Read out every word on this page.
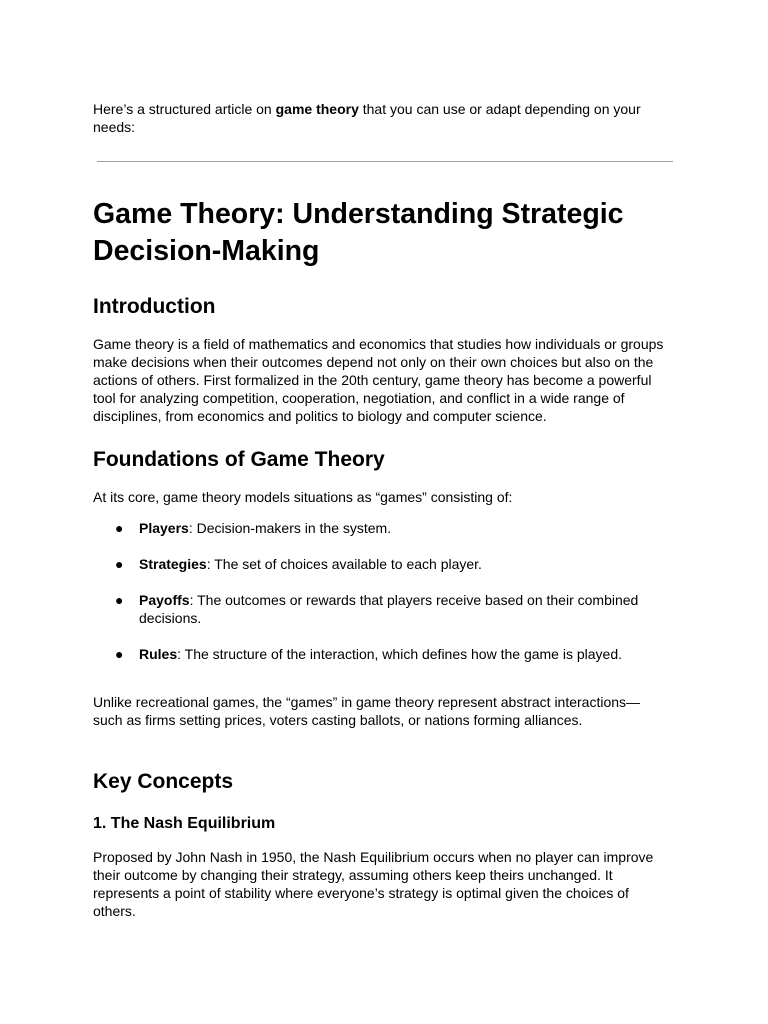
Here’s a structured article on game theory that you can use or adapt depending on your needs:

Game Theory: Understanding Strategic Decision-Making
Introduction

Game theory is a field of mathematics and economics that studies how individuals or groups make decisions when their outcomes depend not only on their own choices but also on the actions of others. First formalized in the 20th century, game theory has become a powerful tool for analyzing competition, cooperation, negotiation, and conflict in a wide range of disciplines, from economics and politics to biology and computer science.

Foundations of Game Theory

At its core, game theory models situations as “games” consisting of:

● Players: Decision-makers in the system.
● Strategies: The set of choices available to each player.
● Payoffs: The outcomes or rewards that players receive based on their combined decisions.
● Rules: The structure of the interaction, which defines how the game is played.

Unlike recreational games, the “games” in game theory represent abstract interactions—such as firms setting prices, voters casting ballots, or nations forming alliances.

Key Concepts
1. The Nash Equilibrium

Proposed by John Nash in 1950, the Nash Equilibrium occurs when no player can improve their outcome by changing their strategy, assuming others keep theirs unchanged. It represents a point of stability where everyone’s strategy is optimal given the choices of others.
